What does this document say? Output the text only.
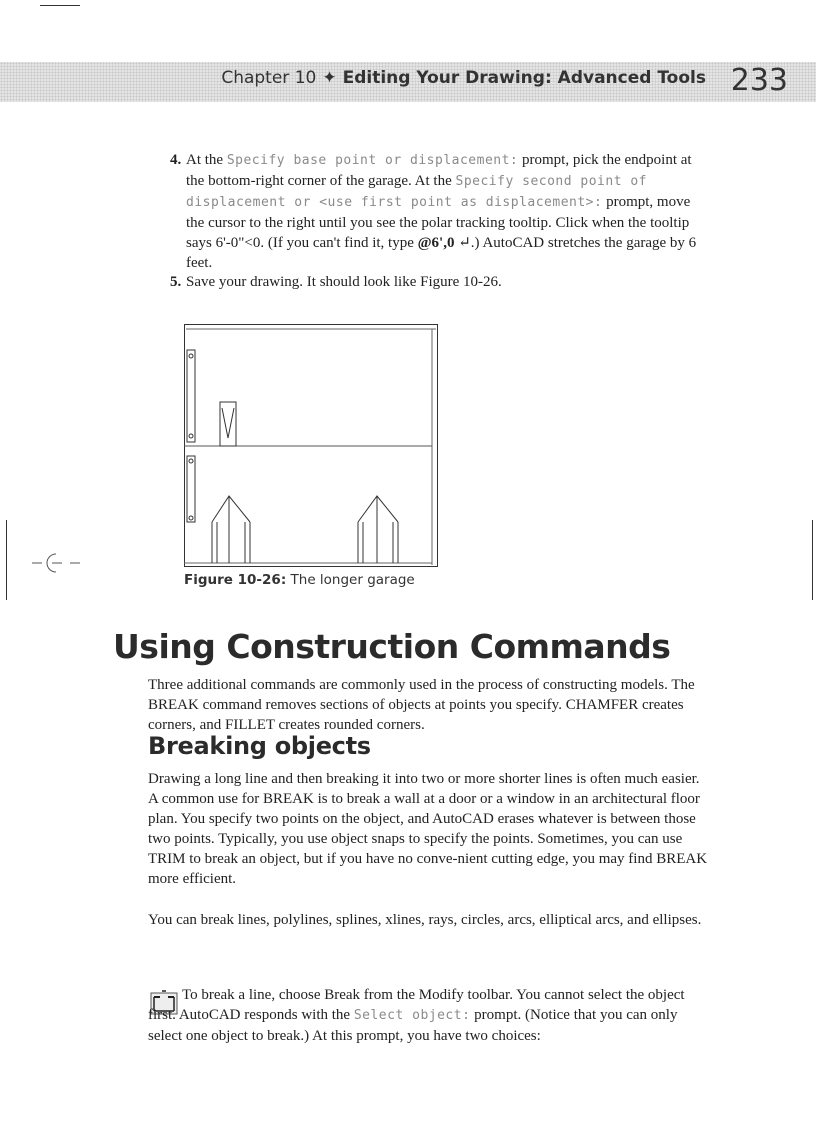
Chapter 10 ✦ Editing Your Drawing: Advanced Tools 233
4. At the Specify base point or displacement: prompt, pick the endpoint at the bottom-right corner of the garage. At the Specify second point of displacement or <use first point as displacement>: prompt, move the cursor to the right until you see the polar tracking tooltip. Click when the tooltip says 6'-0"<0. (If you can't find it, type @6',0 ↵.) AutoCAD stretches the garage by 6 feet.
5. Save your drawing. It should look like Figure 10-26.
Figure 10-26: The longer garage
Using Construction Commands
Three additional commands are commonly used in the process of constructing models. The BREAK command removes sections of objects at points you specify. CHAMFER creates corners, and FILLET creates rounded corners.
Breaking objects
Drawing a long line and then breaking it into two or more shorter lines is often much easier. A common use for BREAK is to break a wall at a door or a window in an architectural floor plan. You specify two points on the object, and AutoCAD erases whatever is between those two points. Typically, you use object snaps to specify the points. Sometimes, you can use TRIM to break an object, but if you have no conve-nient cutting edge, you may find BREAK more efficient.
You can break lines, polylines, splines, xlines, rays, circles, arcs, elliptical arcs, and ellipses.
To break a line, choose Break from the Modify toolbar. You cannot select the object first. AutoCAD responds with the Select object: prompt. (Notice that you can only select one object to break.) At this prompt, you have two choices:
